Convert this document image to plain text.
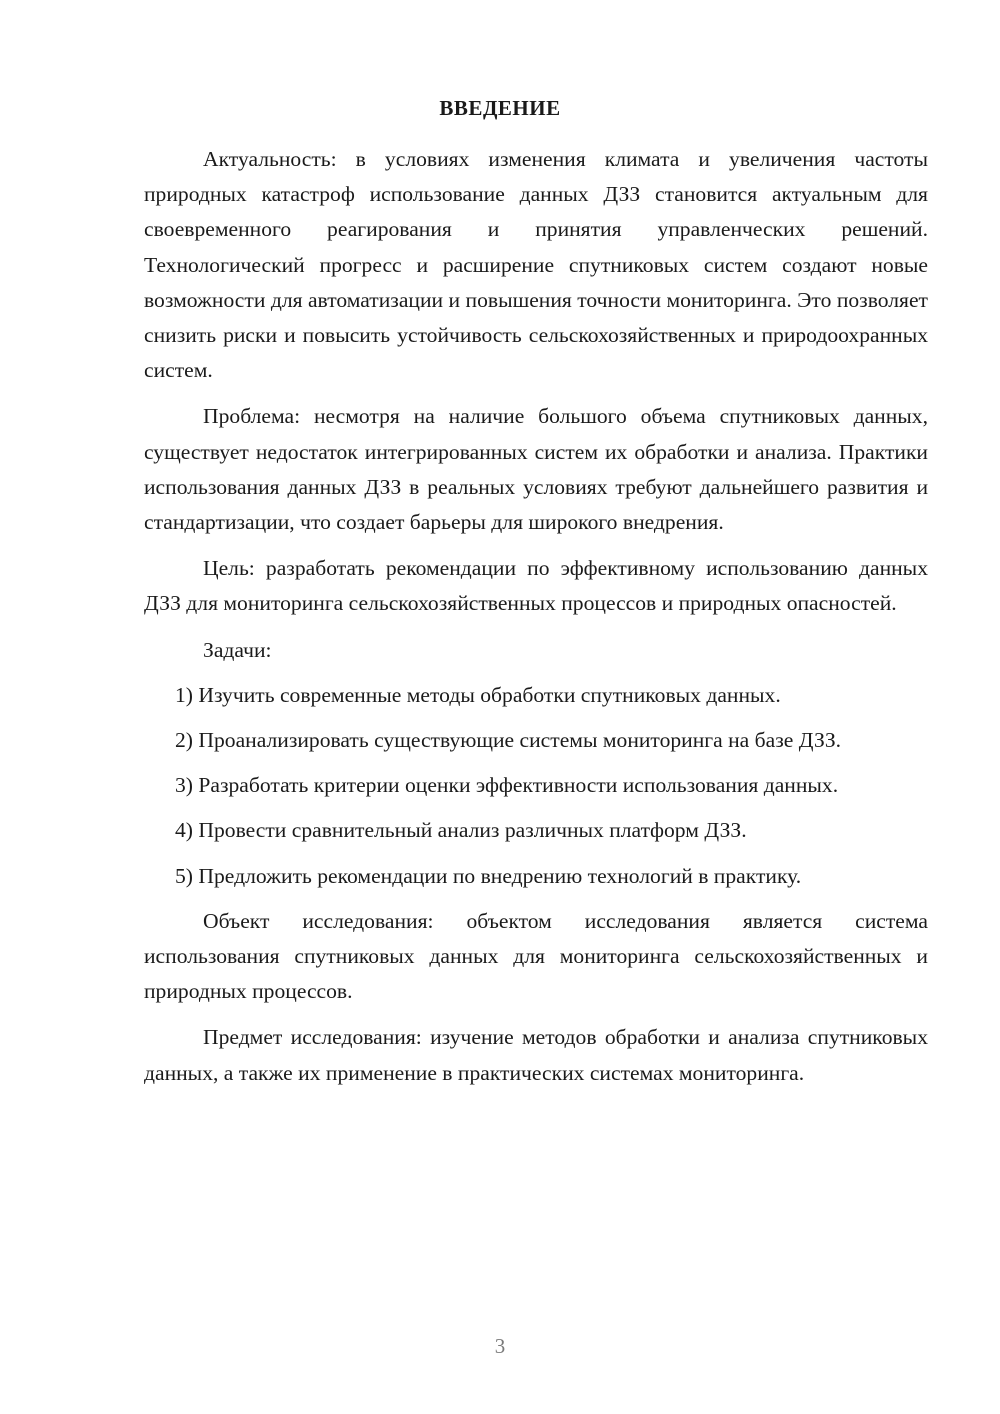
ВВЕДЕНИЕ

Актуальность: в условиях изменения климата и увеличения частоты природных катастроф использование данных ДЗЗ становится актуальным для своевременного реагирования и принятия управленческих решений. Технологический прогресс и расширение спутниковых систем создают новые возможности для автоматизации и повышения точности мониторинга. Это позволяет снизить риски и повысить устойчивость сельскохозяйственных и природоохранных систем.

Проблема: несмотря на наличие большого объема спутниковых данных, существует недостаток интегрированных систем их обработки и анализа. Практики использования данных ДЗЗ в реальных условиях требуют дальнейшего развития и стандартизации, что создает барьеры для широкого внедрения.

Цель: разработать рекомендации по эффективному использованию данных ДЗЗ для мониторинга сельскохозяйственных процессов и природных опасностей.

Задачи:

1) Изучить современные методы обработки спутниковых данных.

2) Проанализировать существующие системы мониторинга на базе ДЗЗ.

3) Разработать критерии оценки эффективности использования данных.

4) Провести сравнительный анализ различных платформ ДЗЗ.

5) Предложить рекомендации по внедрению технологий в практику.

Объект исследования: объектом исследования является система использования спутниковых данных для мониторинга сельскохозяйственных и природных процессов.

Предмет исследования: изучение методов обработки и анализа спутниковых данных, а также их применение в практических системах мониторинга.

3
